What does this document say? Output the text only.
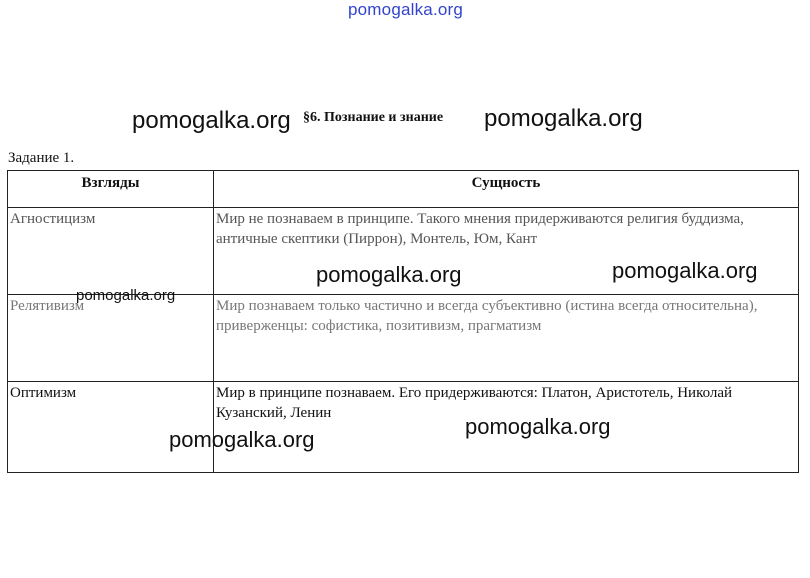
pomogalka.org
§6. Познание и знание
pomogalka.org	pomogalka.org
Задание 1.
Взгляды	Сущность
Агностицизм	Мир не познаваем в принципе. Такого мнения придерживаются религия буддизма, античные скептики (Пиррон), Монтель, Юм, Кант
Релятивизм	Мир познаваем только частично и всегда субъективно (истина всегда относительна), приверженцы: софистика, позитивизм, прагматизм
Оптимизм	Мир в принципе познаваем. Его придерживаются: Платон, Аристотель, Николай Кузанский, Ленин
pomogalka.org	pomogalka.org
pomogalka.org
pomogalka.org
pomogalka.org
